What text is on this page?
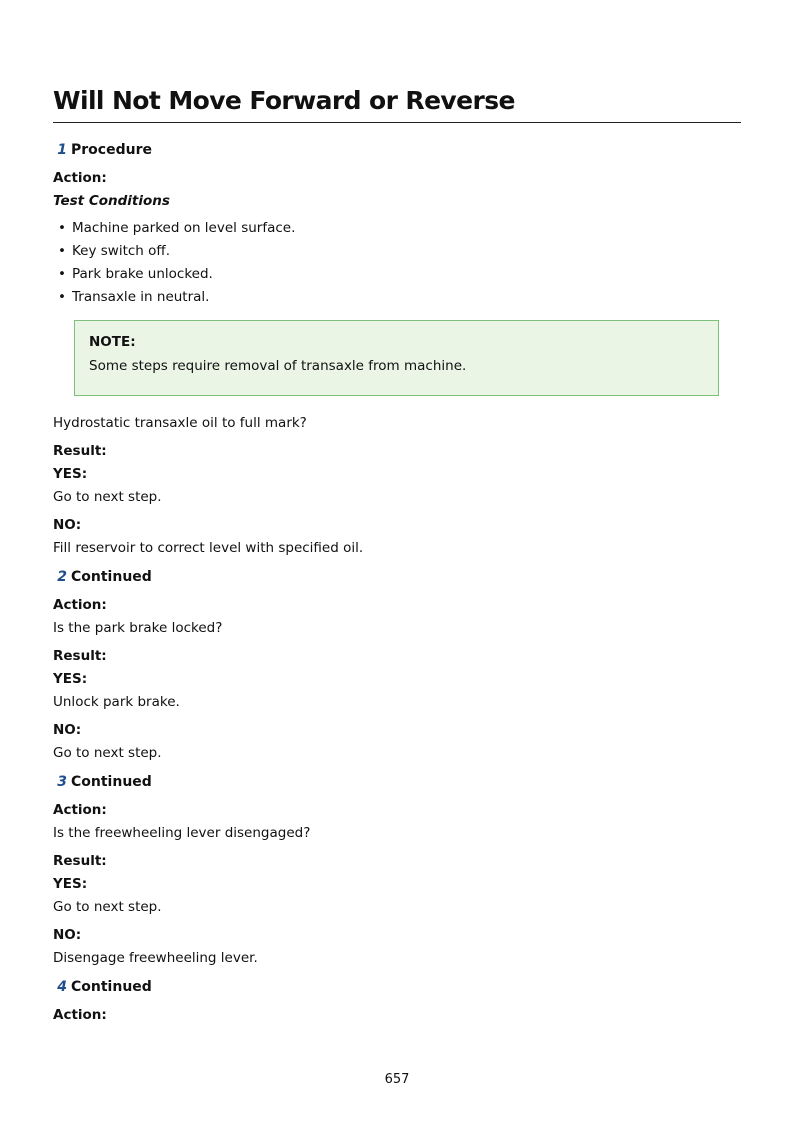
Will Not Move Forward or Reverse
1 Procedure
Action:
Test Conditions
• Machine parked on level surface.
• Key switch off.
• Park brake unlocked.
• Transaxle in neutral.
NOTE:
Some steps require removal of transaxle from machine.
Hydrostatic transaxle oil to full mark?
Result:
YES:
Go to next step.
NO:
Fill reservoir to correct level with specified oil.
2 Continued
Action:
Is the park brake locked?
Result:
YES:
Unlock park brake.
NO:
Go to next step.
3 Continued
Action:
Is the freewheeling lever disengaged?
Result:
YES:
Go to next step.
NO:
Disengage freewheeling lever.
4 Continued
Action:
657
